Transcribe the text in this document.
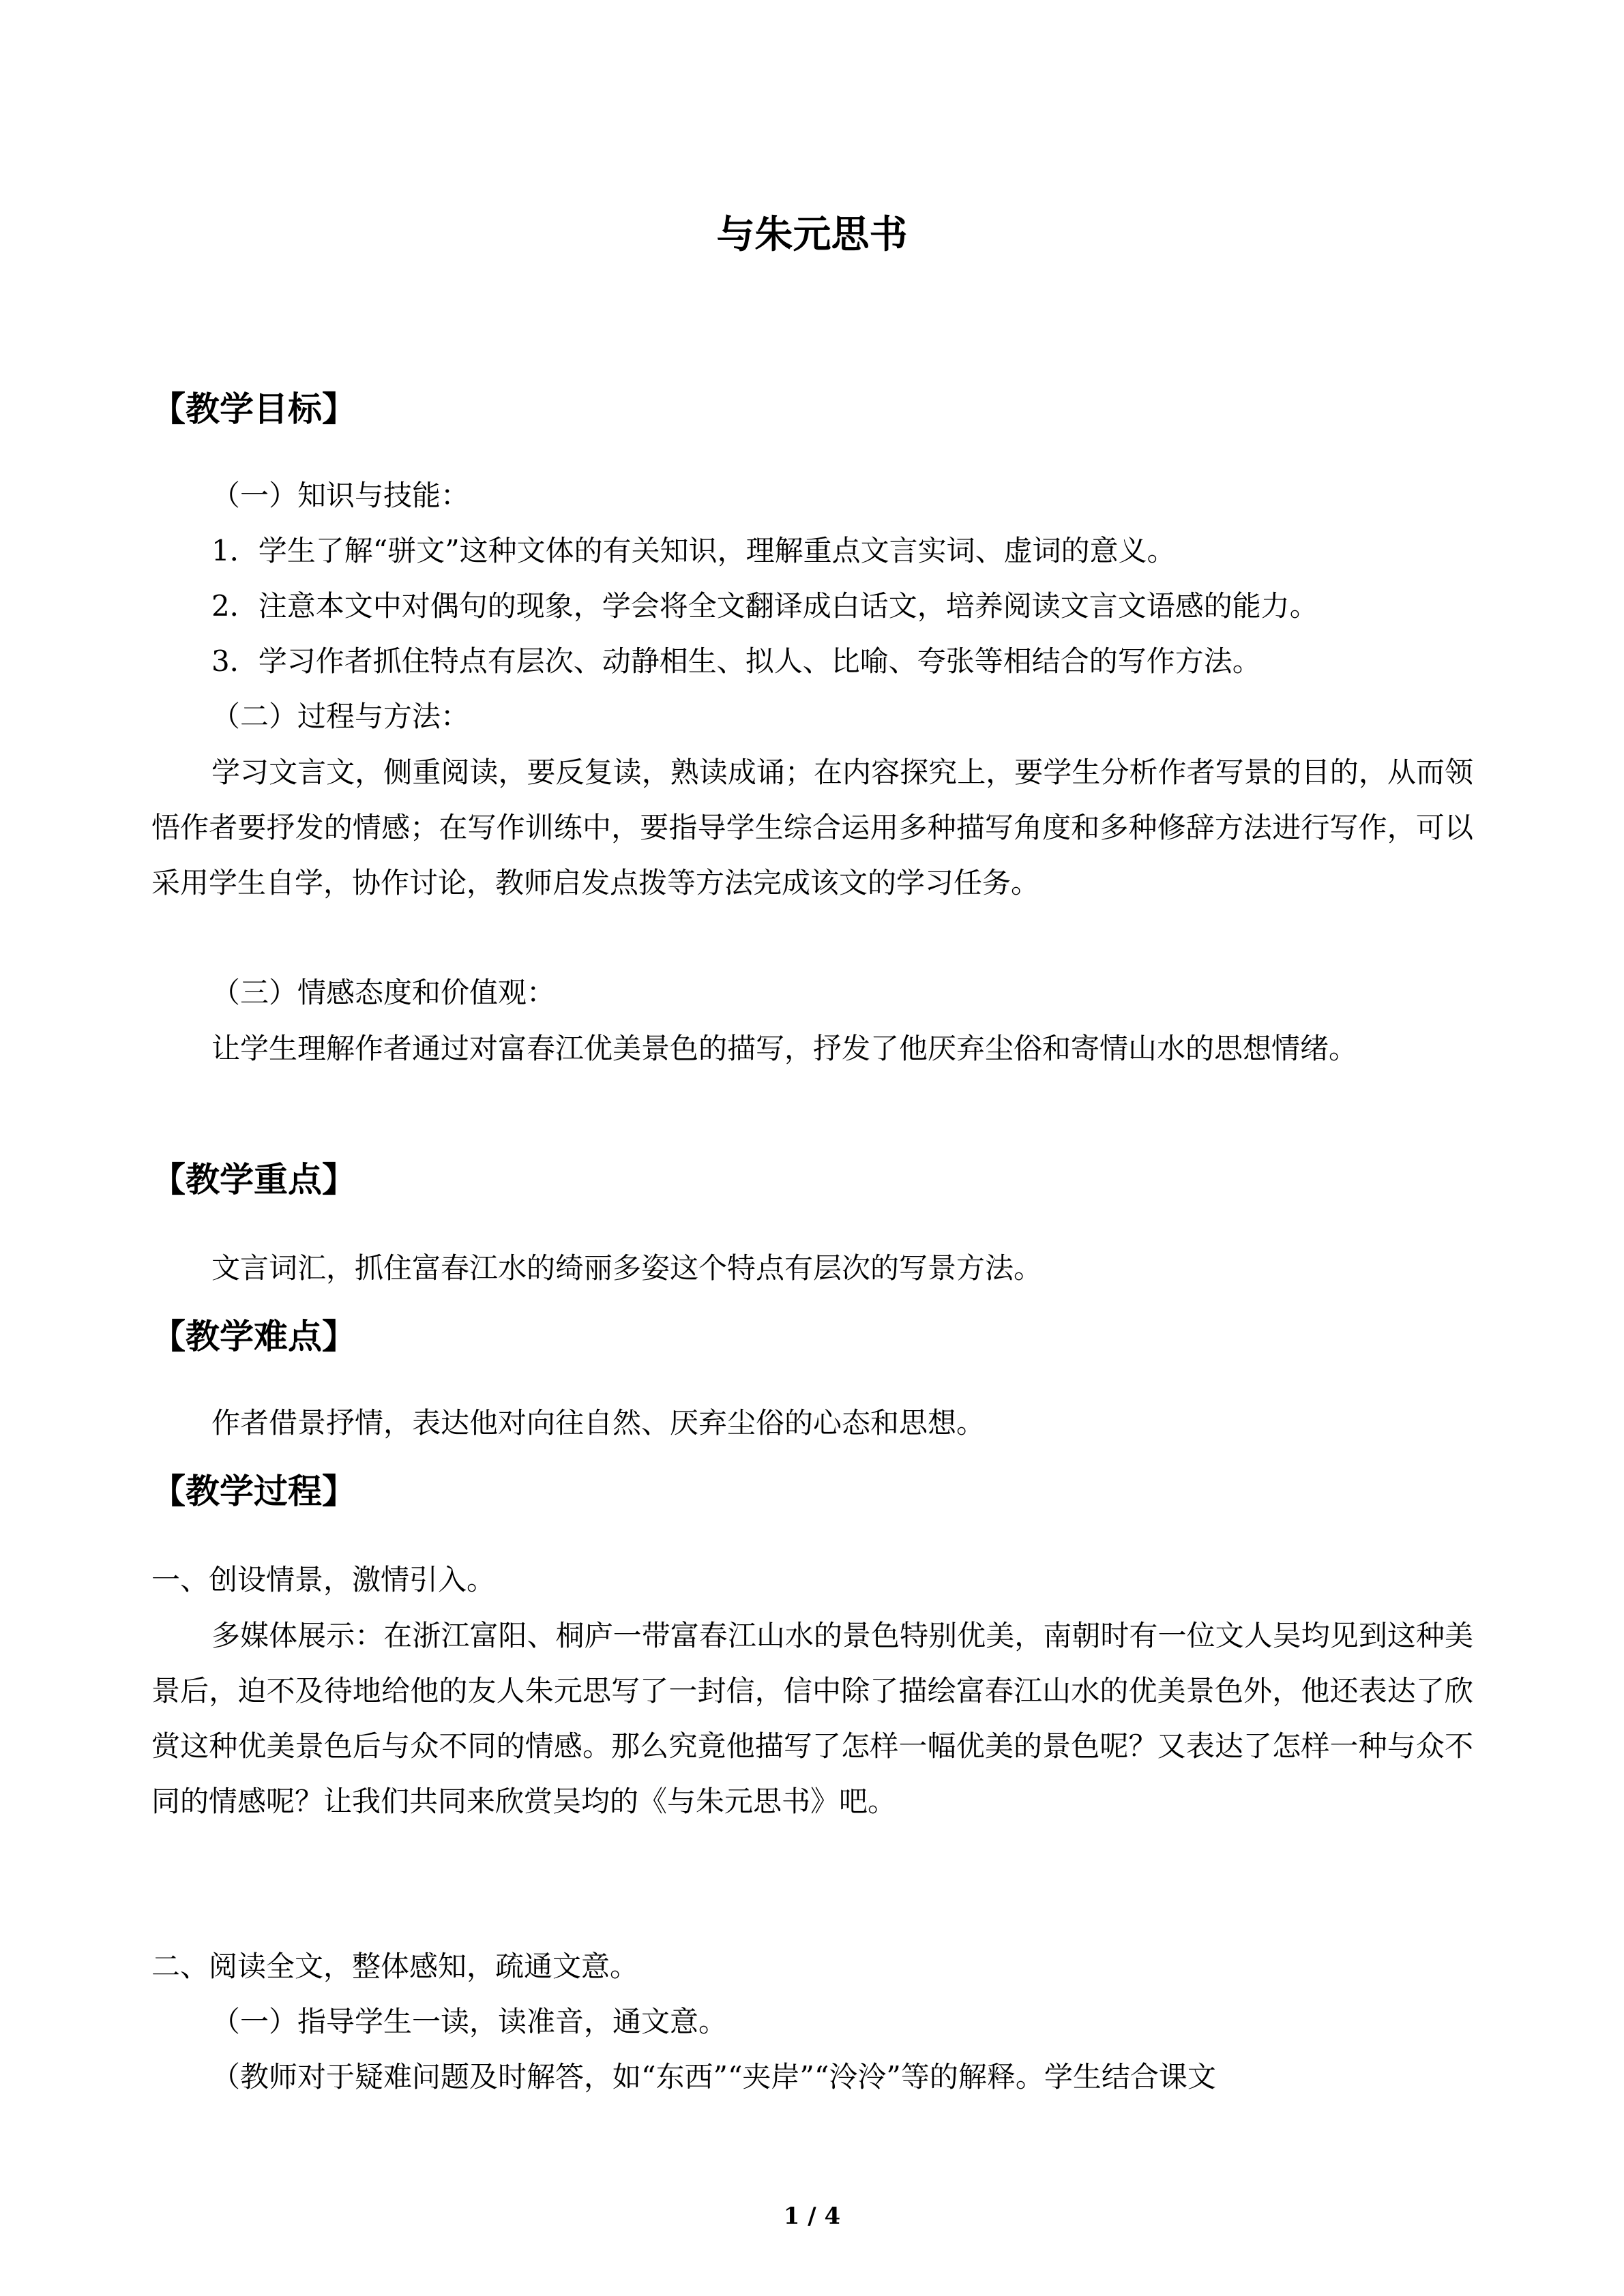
与朱元思书
【教学目标】

（一）知识与技能：

1．学生了解“骈文”这种文体的有关知识，理解重点文言实词、虚词的意义。

2．注意本文中对偶句的现象，学会将全文翻译成白话文，培养阅读文言文语感的能力。

3．学习作者抓住特点有层次、动静相生、拟人、比喻、夸张等相结合的写作方法。

（二）过程与方法：

学习文言文，侧重阅读，要反复读，熟读成诵；在内容探究上，要学生分析作者写景的目的，从而领悟作者要抒发的情感；在写作训练中，要指导学生综合运用多种描写角度和多种修辞方法进行写作，可以采用学生自学，协作讨论，教师启发点拨等方法完成该文的学习任务。

（三）情感态度和价值观：

让学生理解作者通过对富春江优美景色的描写，抒发了他厌弃尘俗和寄情山水的思想情绪。

【教学重点】

文言词汇，抓住富春江水的绮丽多姿这个特点有层次的写景方法。

【教学难点】

作者借景抒情，表达他对向往自然、厌弃尘俗的心态和思想。

【教学过程】

一、创设情景，激情引入。

多媒体展示：在浙江富阳、桐庐一带富春江山水的景色特别优美，南朝时有一位文人吴均见到这种美景后，迫不及待地给他的友人朱元思写了一封信，信中除了描绘富春江山水的优美景色外，他还表达了欣赏这种优美景色后与众不同的情感。那么究竟他描写了怎样一幅优美的景色呢？又表达了怎样一种与众不同的情感呢？让我们共同来欣赏吴均的《与朱元思书》吧。

二、阅读全文，整体感知，疏通文意。

（一）指导学生一读，读准音，通文意。

（教师对于疑难问题及时解答，如“东西”“夹岸”“泠泠”等的解释。学生结合课文

1 / 4
